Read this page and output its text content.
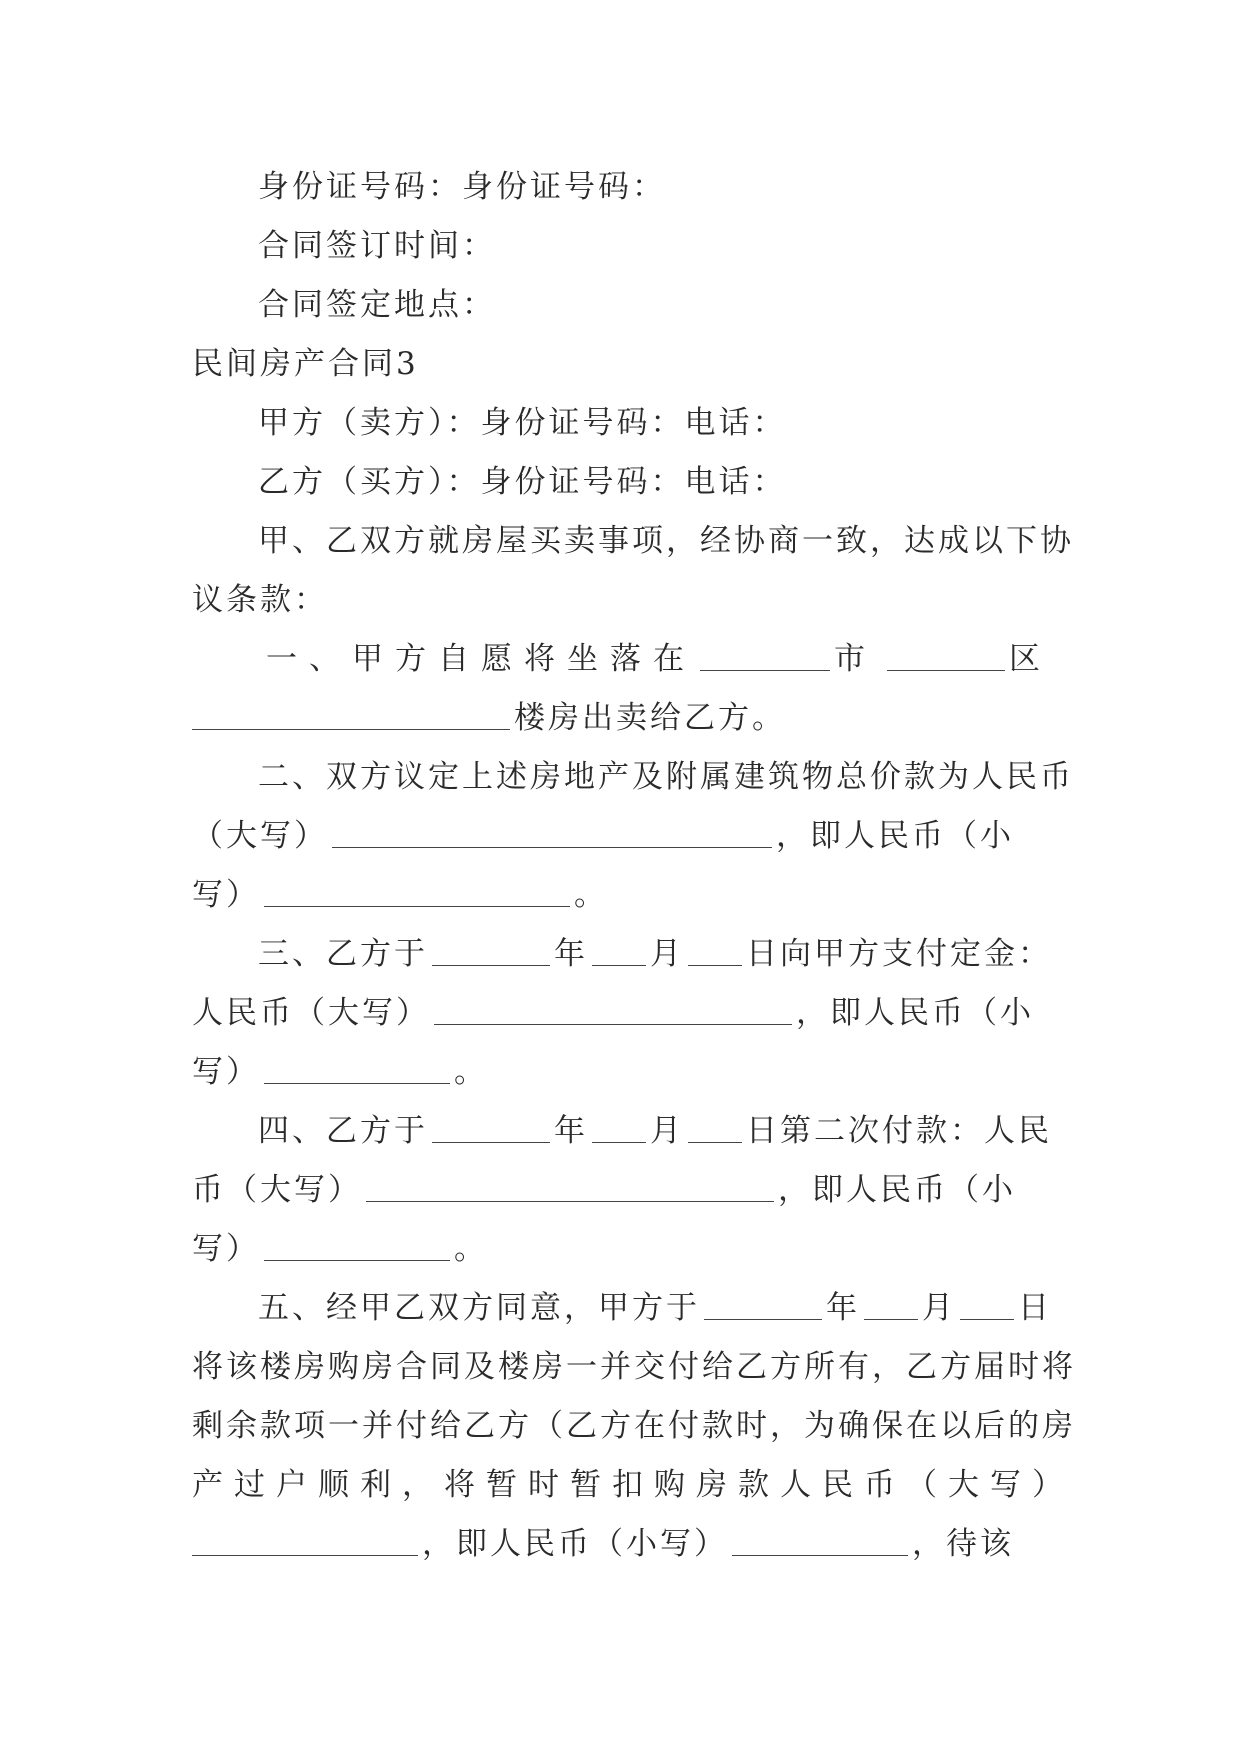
身份证号码：身份证号码：
合同签订时间：
合同签定地点：
民间房产合同3
甲方（卖方）：身份证号码：电话：
乙方（买方）：身份证号码：电话：
甲、乙双方就房屋买卖事项，经协商一致，达成以下协
议条款：
一、甲方自愿将坐落在	市	区
楼房出卖给乙方。
二、双方议定上述房地产及附属建筑物总价款为人民币
（大写）	，即人民币（小
写）	。
三、乙方于	年 月 日向甲方支付定金：
人民币（大写）	，即人民币（小
写）	。
四、乙方于	年 月 日第二次付款：人民
币（大写）	，即人民币（小
写）	。
五、经甲乙双方同意，甲方于	年 月 日
将该楼房购房合同及楼房一并交付给乙方所有，乙方届时将
剩余款项一并付给乙方（乙方在付款时，为确保在以后的房
产过户顺利，将暂时暂扣购房款人民币（大写）
，即人民币（小写）	，待该
